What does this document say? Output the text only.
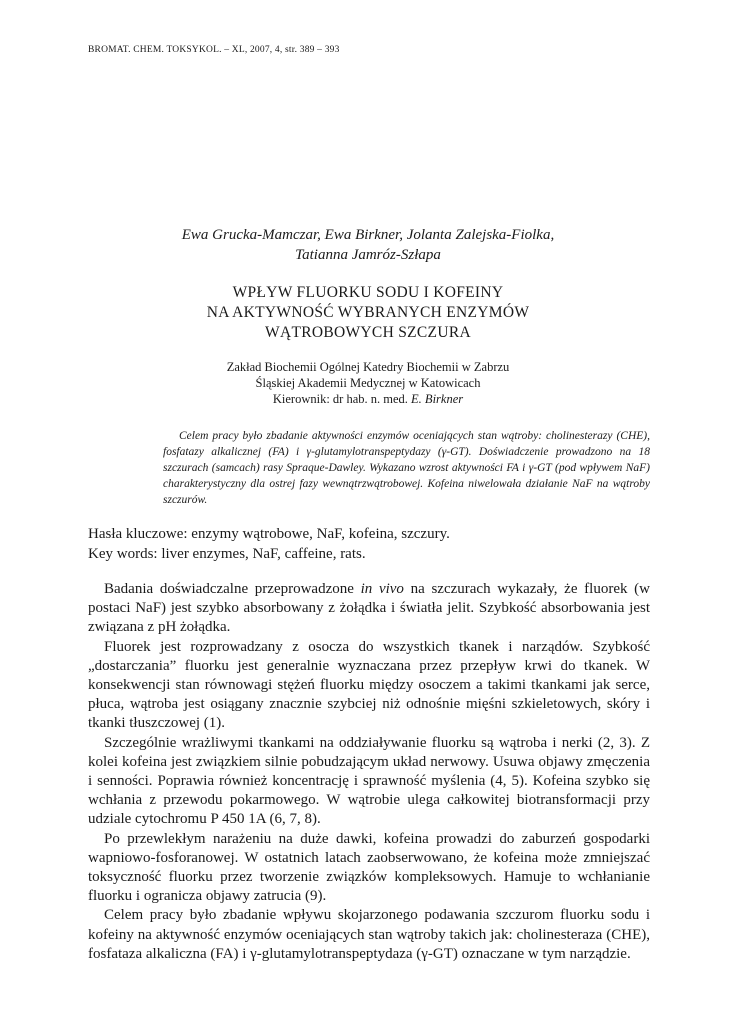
BROMAT. CHEM. TOKSYKOL. – XL, 2007, 4, str. 389 – 393
Ewa Grucka-Mamczar, Ewa Birkner, Jolanta Zalejska-Fiolka,
Tatianna Jamróz-Szłapa
WPŁYW FLUORKU SODU I KOFEINY
NA AKTYWNOŚĆ WYBRANYCH ENZYMÓW
WĄTROBOWYCH SZCZURA
Zakład Biochemii Ogólnej Katedry Biochemii w Zabrzu
Śląskiej Akademii Medycznej w Katowicach
Kierownik: dr hab. n. med. E. Birkner

Celem pracy było zbadanie aktywności enzymów oceniających stan wątroby: cholinesterazy (CHE), fosfatazy alkalicznej (FA) i γ-glutamylotranspeptydazy (γ-GT). Doświadczenie prowadzono na 18 szczurach (samcach) rasy Spraque-Dawley. Wykazano wzrost aktywności FA i γ-GT (pod wpływem NaF) charakterystyczny dla ostrej fazy wewnątrzwątrobowej. Kofeina niwelowała działanie NaF na wątroby szczurów.

Hasła kluczowe: enzymy wątrobowe, NaF, kofeina, szczury.
Key words: liver enzymes, NaF, caffeine, rats.

Badania doświadczalne przeprowadzone in vivo na szczurach wykazały, że fluorek (w postaci NaF) jest szybko absorbowany z żołądka i światła jelit. Szybkość absorbowania jest związana z pH żołądka.

Fluorek jest rozprowadzany z osocza do wszystkich tkanek i narządów. Szybkość „dostarczania” fluorku jest generalnie wyznaczana przez przepływ krwi do tkanek. W konsekwencji stan równowagi stężeń fluorku między osoczem a takimi tkankami jak serce, płuca, wątroba jest osiągany znacznie szybciej niż odnośnie mięśni szkieletowych, skóry i tkanki tłuszczowej (1).

Szczególnie wrażliwymi tkankami na oddziaływanie fluorku są wątroba i nerki (2, 3). Z kolei kofeina jest związkiem silnie pobudzającym układ nerwowy. Usuwa objawy zmęczenia i senności. Poprawia również koncentrację i sprawność myślenia (4, 5). Kofeina szybko się wchłania z przewodu pokarmowego. W wątrobie ulega całkowitej biotransformacji przy udziale cytochromu P 450 1A (6, 7, 8).

Po przewlekłym narażeniu na duże dawki, kofeina prowadzi do zaburzeń gospodarki wapniowo-fosforanowej. W ostatnich latach zaobserwowano, że kofeina może zmniejszać toksyczność fluorku przez tworzenie związków kompleksowych. Hamuje to wchłanianie fluorku i ogranicza objawy zatrucia (9).

Celem pracy było zbadanie wpływu skojarzonego podawania szczurom fluorku sodu i kofeiny na aktywność enzymów oceniających stan wątroby takich jak: cholinesteraza (CHE), fosfataza alkaliczna (FA) i γ-glutamylotranspeptydaza (γ-GT) oznaczane w tym narządzie.
